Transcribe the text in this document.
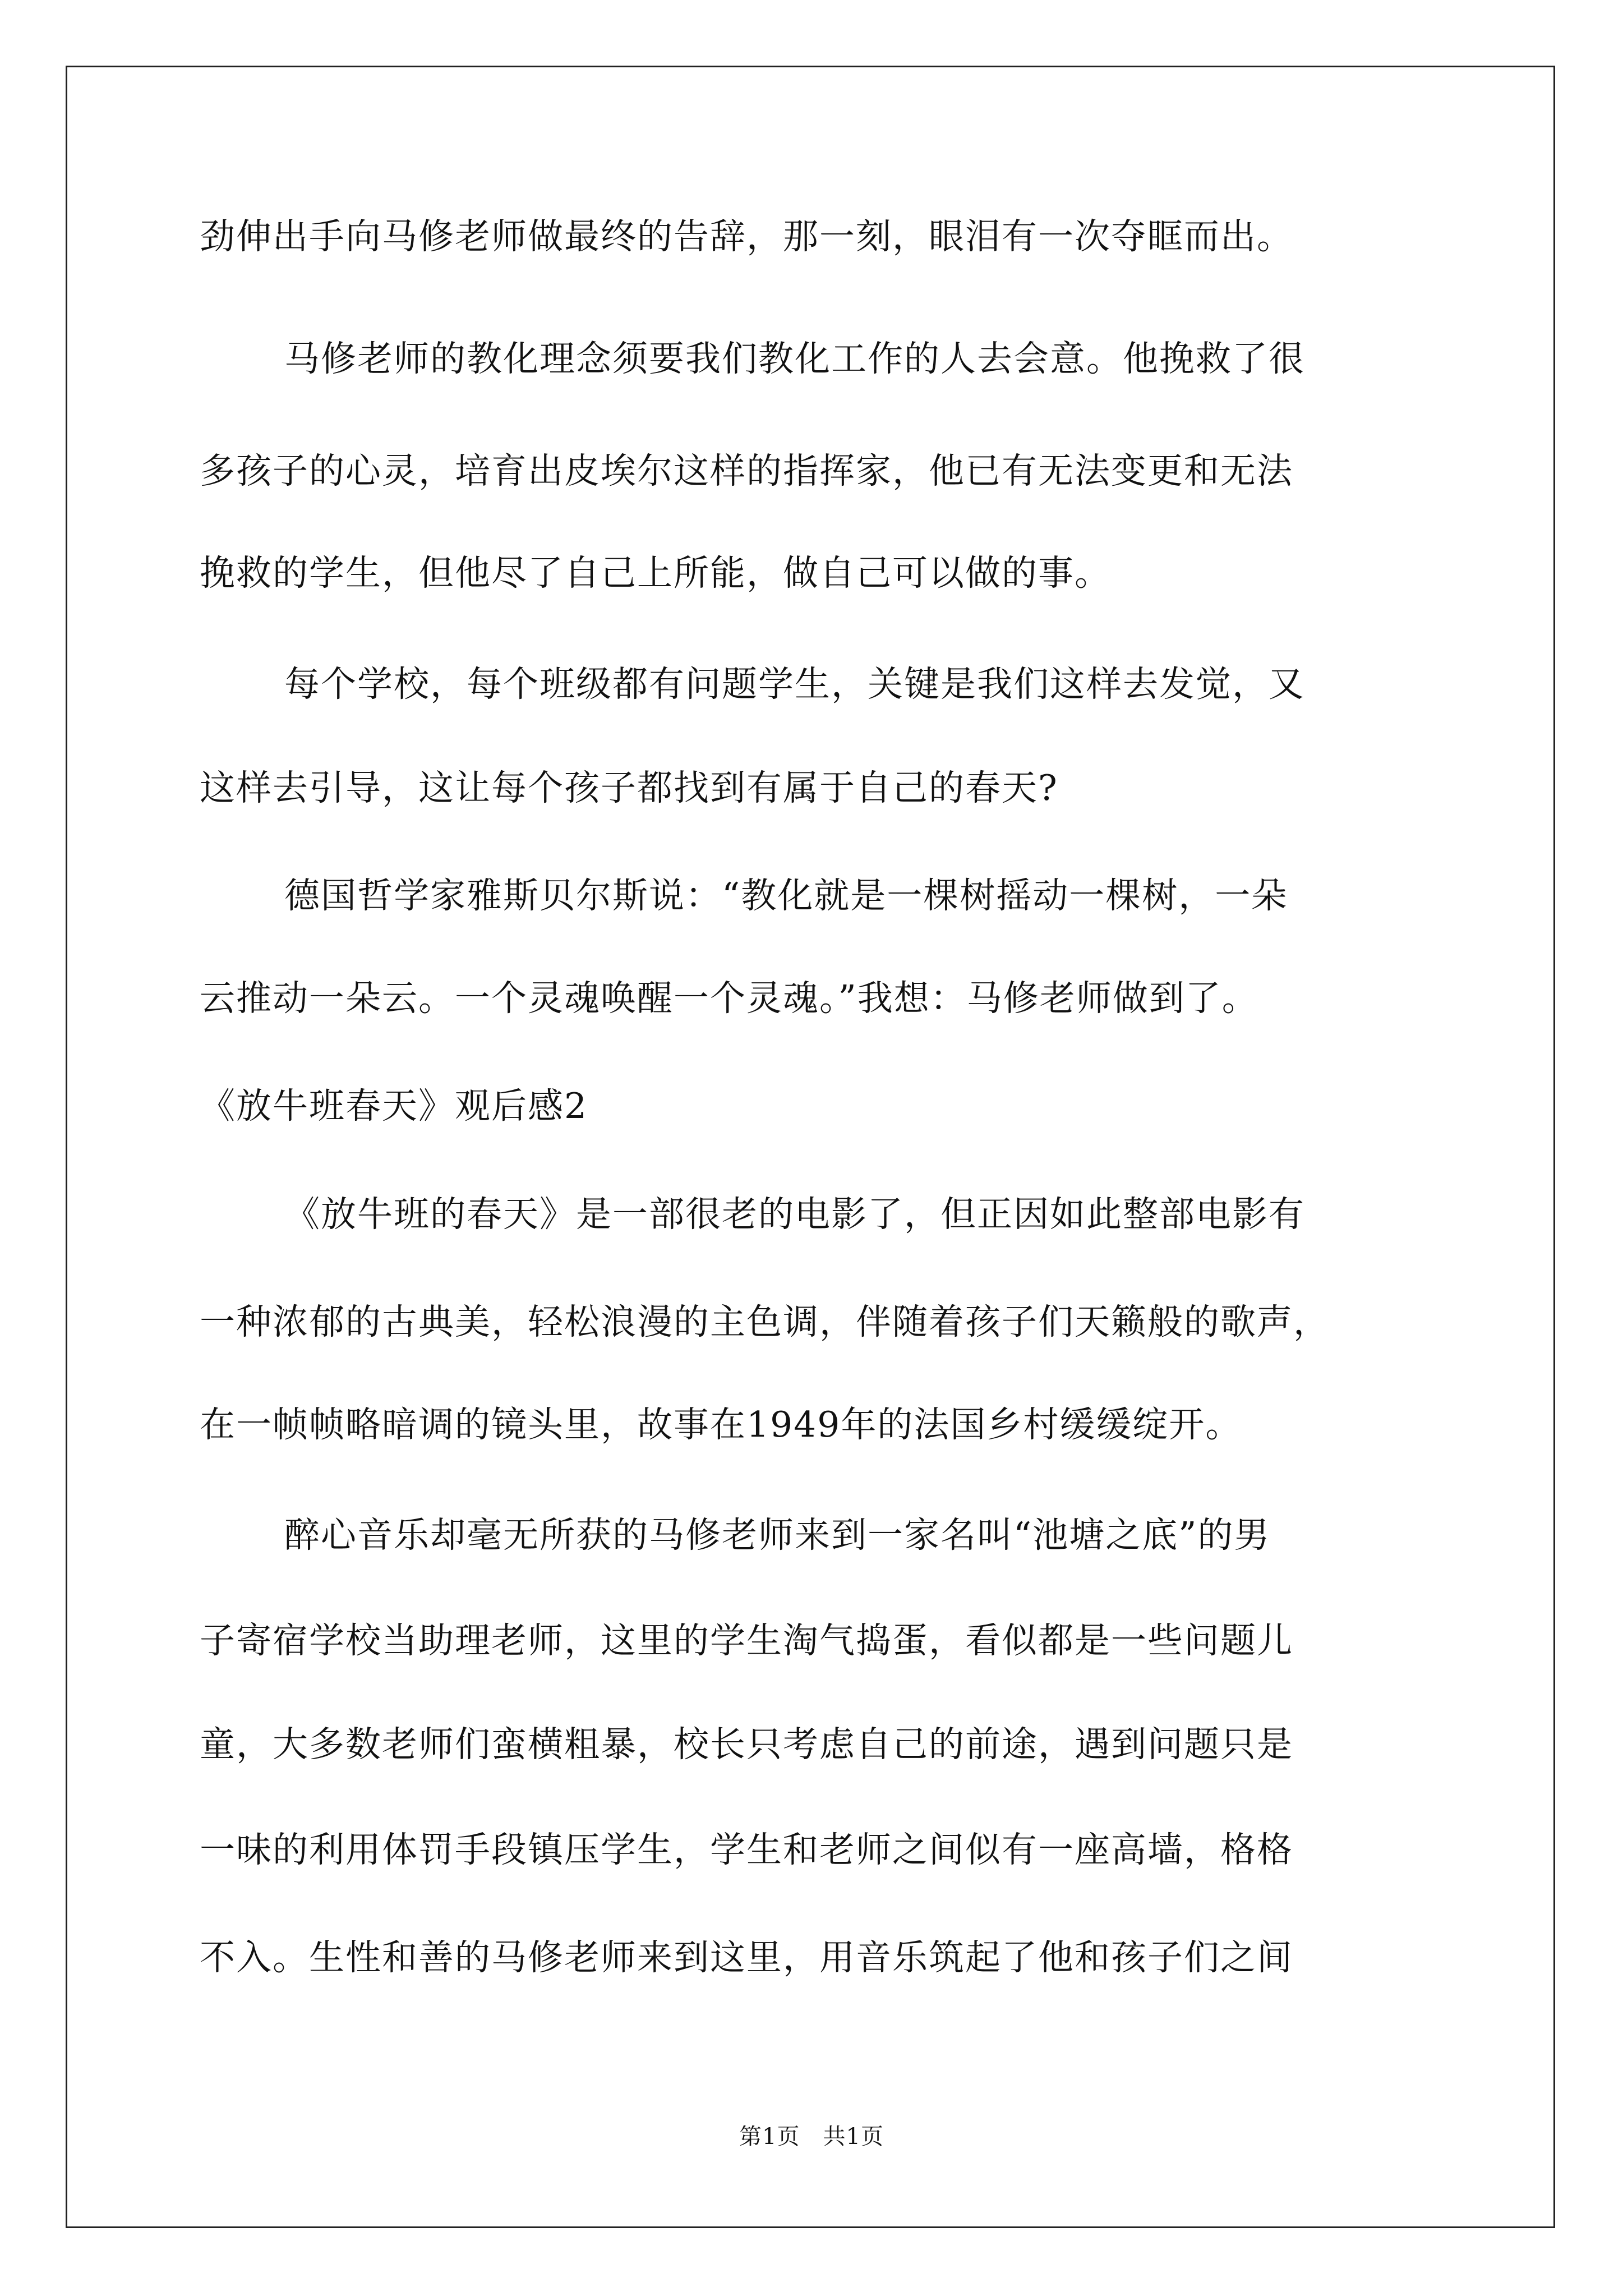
劲伸出手向马修老师做最终的告辞，那一刻，眼泪有一次夺眶而出。
马修老师的教化理念须要我们教化工作的人去会意。他挽救了很
多孩子的心灵，培育出皮埃尔这样的指挥家，他已有无法变更和无法
挽救的学生，但他尽了自己上所能，做自己可以做的事。
每个学校，每个班级都有问题学生，关键是我们这样去发觉，又
这样去引导，这让每个孩子都找到有属于自己的春天?
德国哲学家雅斯贝尔斯说：“教化就是一棵树摇动一棵树，一朵
云推动一朵云。一个灵魂唤醒一个灵魂。”我想：马修老师做到了。
《放牛班春天》观后感2
《放牛班的春天》是一部很老的电影了，但正因如此整部电影有
一种浓郁的古典美，轻松浪漫的主色调，伴随着孩子们天籁般的歌声，
在一帧帧略暗调的镜头里，故事在1949年的法国乡村缓缓绽开。
醉心音乐却毫无所获的马修老师来到一家名叫“池塘之底”的男
子寄宿学校当助理老师，这里的学生淘气捣蛋，看似都是一些问题儿
童，大多数老师们蛮横粗暴，校长只考虑自己的前途，遇到问题只是
一味的利用体罚手段镇压学生，学生和老师之间似有一座高墙，格格
不入。生性和善的马修老师来到这里，用音乐筑起了他和孩子们之间
第1页　共1页
